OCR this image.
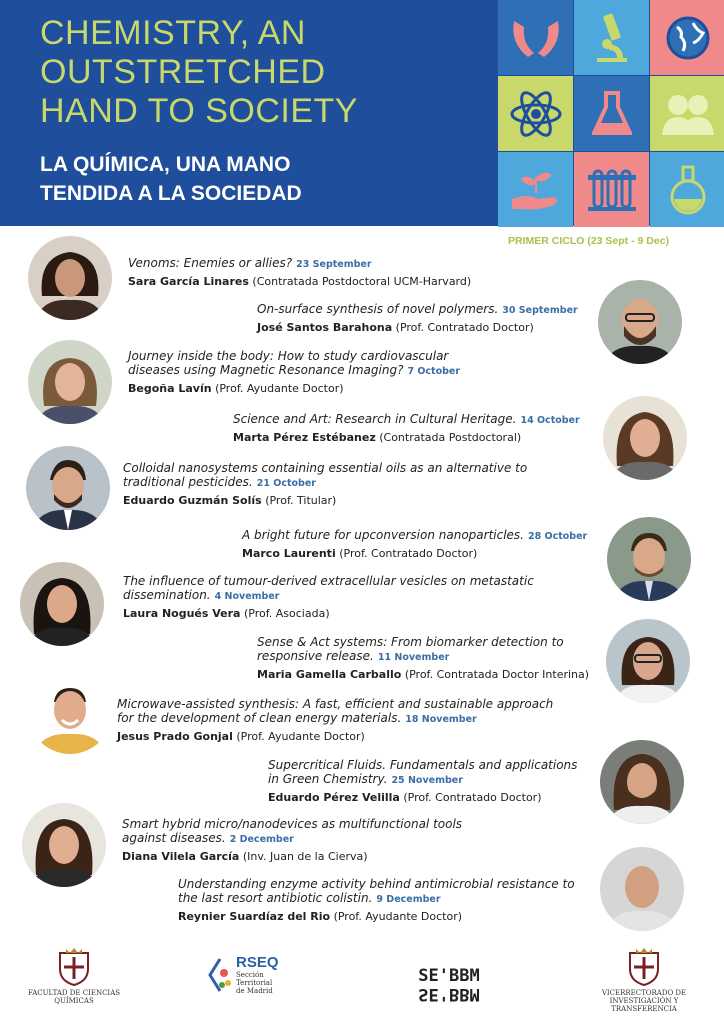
CHEMISTRY, AN
OUTSTRETCHED
HAND TO SOCIETY
LA QUÍMICA, UNA MANO
TENDIDA A LA SOCIEDAD
PRIMER CICLO (23 Sept - 9 Dec)
Venoms: Enemies or allies? 23 September
Sara García Linares (Contratada Postdoctoral UCM-Harvard)
On-surface synthesis of novel polymers. 30 September
José Santos Barahona (Prof. Contratado Doctor)
Journey inside the body: How to study cardiovascular diseases using Magnetic Resonance Imaging? 7 October
Begoña Lavín (Prof. Ayudante Doctor)
Science and Art: Research in Cultural Heritage. 14 October
Marta Pérez Estébanez (Contratada Postdoctoral)
Colloidal nanosystems containing essential oils as an alternative to traditional pesticides. 21 October
Eduardo Guzmán Solís (Prof. Titular)
A bright future for upconversion nanoparticles. 28 October
Marco Laurenti (Prof. Contratado Doctor)
The influence of tumour-derived extracellular vesicles on metastatic dissemination. 4 November
Laura Nogués Vera (Prof. Asociada)
Sense & Act systems: From biomarker detection to responsive release. 11 November
Maria Gamella Carballo (Prof. Contratada Doctor Interina)
Microwave-assisted synthesis: A fast, efficient and sustainable approach for the development of clean energy materials. 18 November
Jesus Prado Gonjal (Prof. Ayudante Doctor)
Supercritical Fluids. Fundamentals and applications in Green Chemistry. 25 November
Eduardo Pérez Velilla (Prof. Contratado Doctor)
Smart hybrid micro/nanodevices as multifunctional tools against diseases. 2 December
Diana Vilela García (Inv. Juan de la Cierva)
Understanding enzyme activity behind antimicrobial resistance to the last resort antibiotic colistin. 9 December
Reynier Suardíaz del Rio (Prof. Ayudante Doctor)
FACULTAD DE CIENCIAS
QUÍMICAS
RSEQ
Sección
Territorial
de Madrid
SE'BBM
SE'BBM	VICERRECTORADO DE
INVESTIGACIÓN Y
TRANSFERENCIA
